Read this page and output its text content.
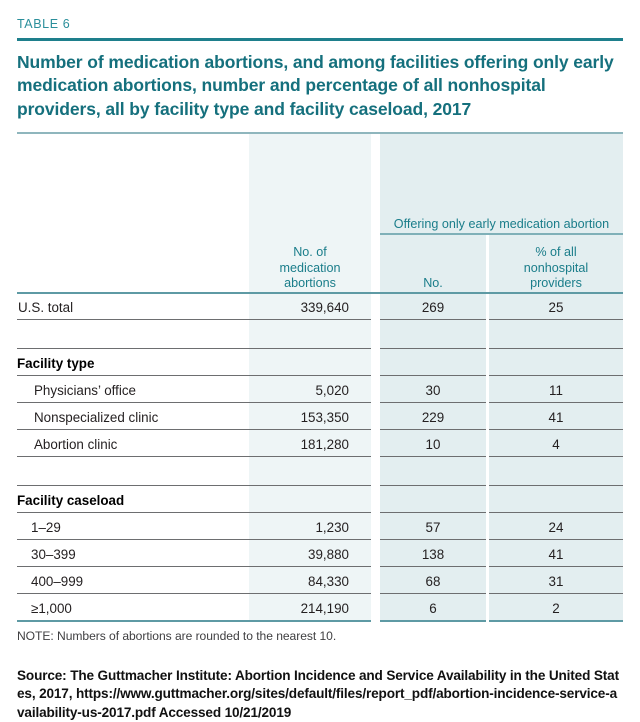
TABLE 6
Number of medication abortions, and among facilities offering only early medication abortions, number and percentage of all nonhospital providers, all by facility type and facility caseload, 2017
			Offering only early medication abortion		

No. of
medication
abortions		No.		
% of all
nonhospital
providers

U.S. total	339,640		269		25

Facility type					
Physicians’ office	5,020		30		11
Nonspecialized clinic	153,350		229		41
Abortion clinic	181,280		10		4

Facility caseload					
1–29	1,230		57		24
30–399	39,880		138		41
400–999	84,330		68		31
≥1,000	214,190		6		2
NOTE: Numbers of abortions are rounded to the nearest 10.
Source: The Guttmacher Institute: Abortion Incidence and Service Availability in the United States, 2017, https://www.guttmacher.org/sites/default/files/report_pdf/abortion-incidence-service-availability-us-2017.pdf Accessed 10/21/2019
